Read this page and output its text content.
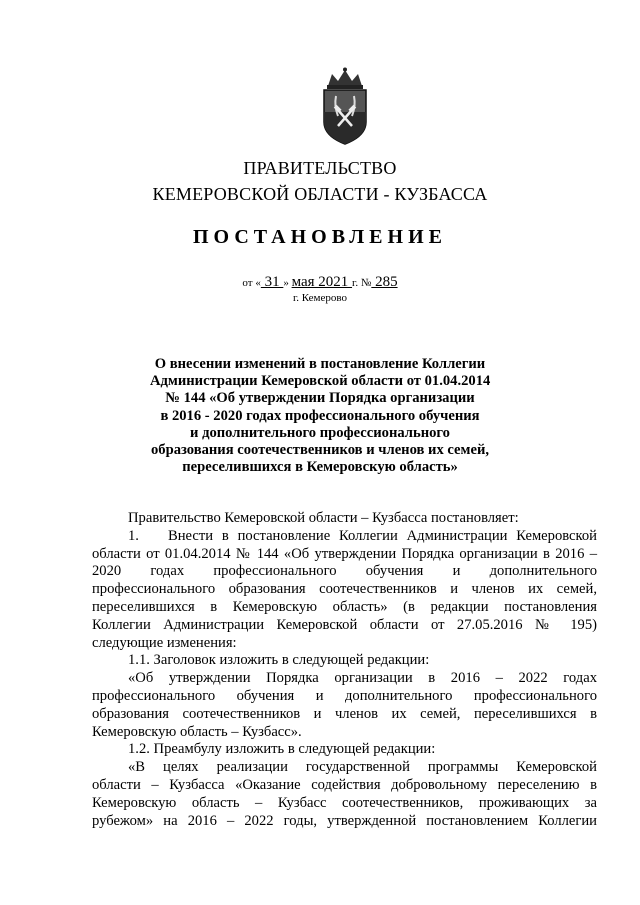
ПРАВИТЕЛЬСТВО
КЕМЕРОВСКОЙ ОБЛАСТИ - КУЗБАССА
ПОСТАНОВЛЕНИЕ
от « 31 » мая 2021 г. № 285
г. Кемерово
О внесении изменений в постановление Коллегии
Администрации Кемеровской области от 01.04.2014
№ 144 «Об утверждении Порядка организации
в 2016 - 2020 годах профессионального обучения
и дополнительного профессионального
образования соотечественников и членов их семей,
переселившихся в Кемеровскую область»
Правительство Кемеровской области – Кузбасса постановляет:
1.	Внести в постановление Коллегии Администрации Кемеровской
области от 01.04.2014 № 144 «Об утверждении Порядка организации в 2016 –
2020 годах профессионального обучения и дополнительного
профессионального образования соотечественников и членов их семей,
переселившихся в Кемеровскую область» (в редакции постановления
Коллегии Администрации Кемеровской области от 27.05.2016 № 195)
следующие изменения:
1.1. Заголовок изложить в следующей редакции:
«Об утверждении Порядка организации в 2016 – 2022 годах
профессионального обучения и дополнительного профессионального
образования соотечественников и членов их семей, переселившихся в
Кемеровскую область – Кузбасс».
1.2. Преамбулу изложить в следующей редакции:
«В целях реализации государственной программы Кемеровской
области – Кузбасса «Оказание содействия добровольному переселению в
Кемеровскую область – Кузбасс соотечественников, проживающих за
рубежом» на 2016 – 2022 годы, утвержденной постановлением Коллегии
